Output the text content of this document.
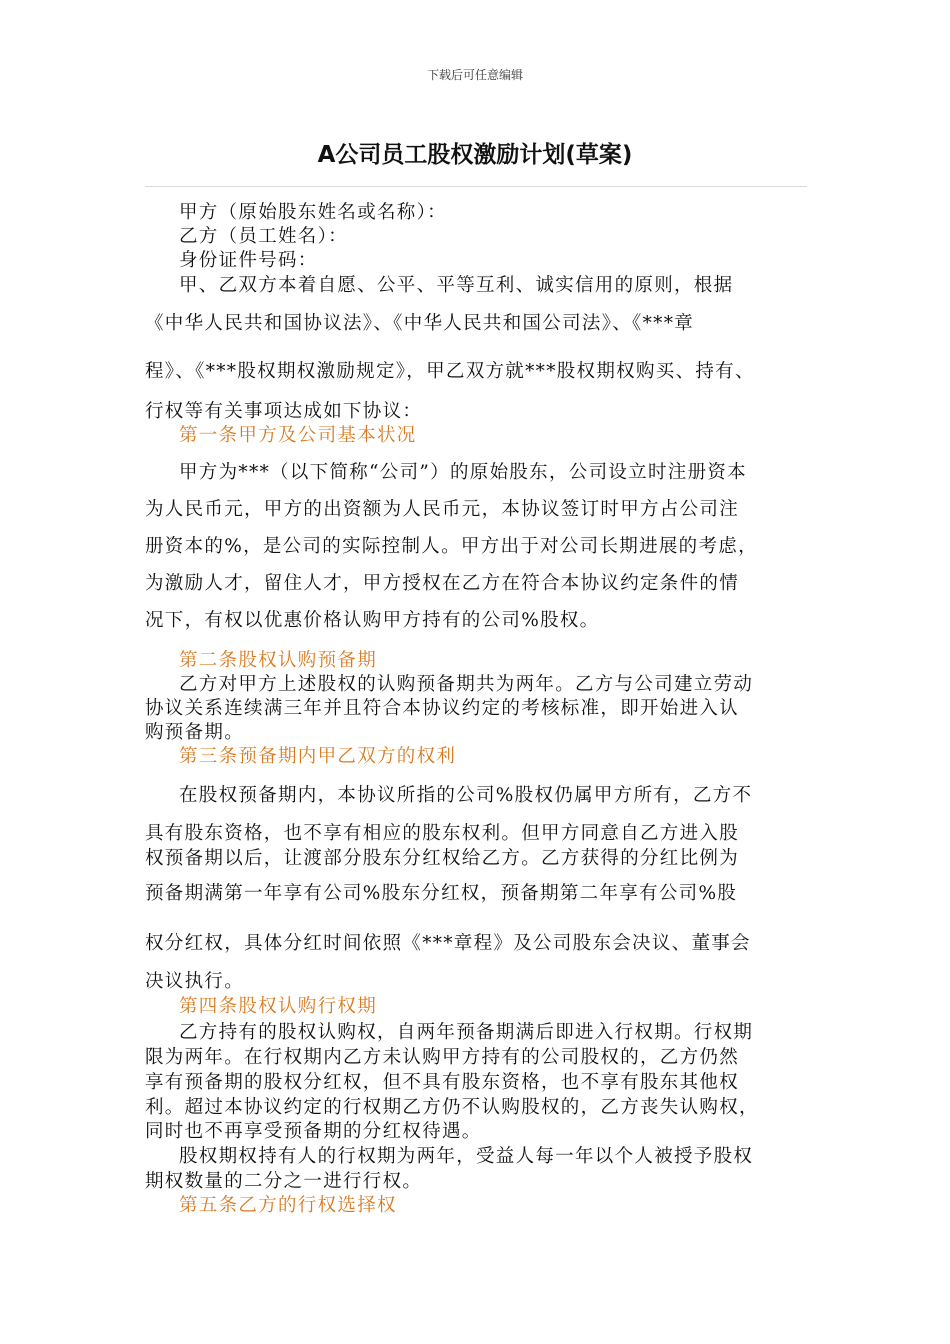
下载后可任意编辑
A公司员工股权激励计划(草案)
甲方（原始股东姓名或名称）：
乙方（员工姓名）：
身份证件号码：
甲、乙双方本着自愿、公平、平等互利、诚实信用的原则，根据
《中华人民共和国协议法》、《中华人民共和国公司法》、《***章
程》、《***股权期权激励规定》，甲乙双方就***股权期权购买、持有、
行权等有关事项达成如下协议：
第一条甲方及公司基本状况
甲方为***（以下简称“公司”）的原始股东，公司设立时注册资本
为人民币元，甲方的出资额为人民币元，本协议签订时甲方占公司注
册资本的%，是公司的实际控制人。甲方出于对公司长期进展的考虑，
为激励人才，留住人才，甲方授权在乙方在符合本协议约定条件的情
况下，有权以优惠价格认购甲方持有的公司%股权。
第二条股权认购预备期
乙方对甲方上述股权的认购预备期共为两年。乙方与公司建立劳动
协议关系连续满三年并且符合本协议约定的考核标准，即开始进入认
购预备期。
第三条预备期内甲乙双方的权利
在股权预备期内，本协议所指的公司%股权仍属甲方所有，乙方不
具有股东资格，也不享有相应的股东权利。但甲方同意自乙方进入股
权预备期以后，让渡部分股东分红权给乙方。乙方获得的分红比例为
预备期满第一年享有公司%股东分红权，预备期第二年享有公司%股
权分红权，具体分红时间依照《***章程》及公司股东会决议、董事会
决议执行。
第四条股权认购行权期
乙方持有的股权认购权，自两年预备期满后即进入行权期。行权期
限为两年。在行权期内乙方未认购甲方持有的公司股权的，乙方仍然
享有预备期的股权分红权，但不具有股东资格，也不享有股东其他权
利。超过本协议约定的行权期乙方仍不认购股权的，乙方丧失认购权，
同时也不再享受预备期的分红权待遇。
股权期权持有人的行权期为两年，受益人每一年以个人被授予股权
期权数量的二分之一进行行权。
第五条乙方的行权选择权
